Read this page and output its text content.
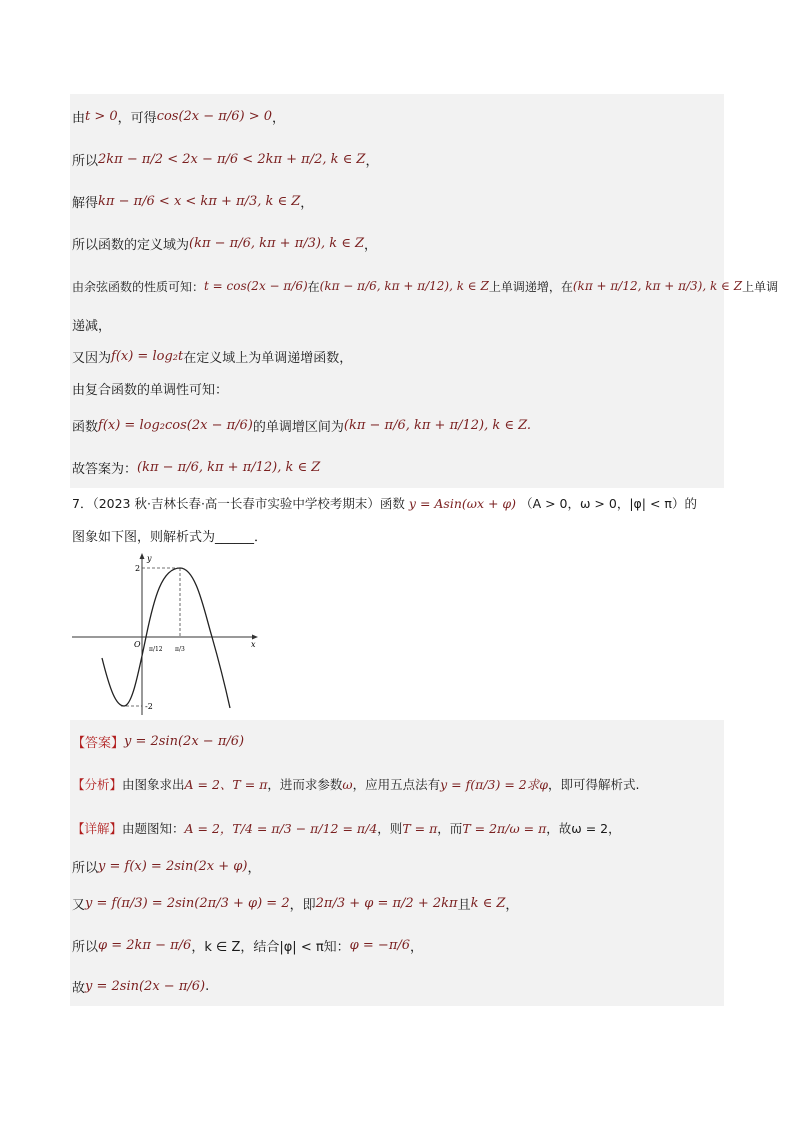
由 t > 0 ，可得 cos(2x − π/6) > 0 ，
所以 2kπ − π/2 < 2x − π/6 < 2kπ + π/2, k ∈ Z ，
解得 kπ − π/6 < x < kπ + π/3, k ∈ Z ，
所以函数的定义域为 (kπ − π/6, kπ + π/3), k ∈ Z ，
由余弦函数的性质可知： t = cos(2x − π/6) 在 (kπ − π/6, kπ + π/12), k ∈ Z 上单调递增，在 (kπ + π/12, kπ + π/3), k ∈ Z 上单调
递减，
又因为 f(x) = log₂t 在定义域上为单调递增函数，
由复合函数的单调性可知：
函数 f(x) = log₂cos(2x − π/6) 的单调增区间为 (kπ − π/6, kπ + π/12), k ∈ Z.
故答案为： (kπ − π/6, kπ + π/12), k ∈ Z
7．（2023 秋·吉林长春·高一长春市实验中学校考期末）函数 y = Asin(ωx + φ) （A > 0，ω > 0，|φ| < π）的
图象如下图，则解析式为______．
y
x
O
2
-2
π/12 π/3
【答案】 y = 2sin(2x − π/6)
【分析】 由图象求出 A = 2、T = π ，进而求参数 ω ，应用五点法有 y = f(π/3) = 2求φ ，即可得解析式.
【详解】 由题图知： A = 2，T/4 = π/3 − π/12 = π/4 ，则 T = π ，而 T = 2π/ω = π ，故ω = 2，
所以 y = f(x) = 2sin(2x + φ) ，
又 y = f(π/3) = 2sin(2π/3 + φ) = 2 ，即 2π/3 + φ = π/2 + 2kπ 且 k ∈ Z ，
所以 φ = 2kπ − π/6 ，k ∈ Z，结合|φ| < π知： φ = −π/6 ，
故 y = 2sin(2x − π/6) .
